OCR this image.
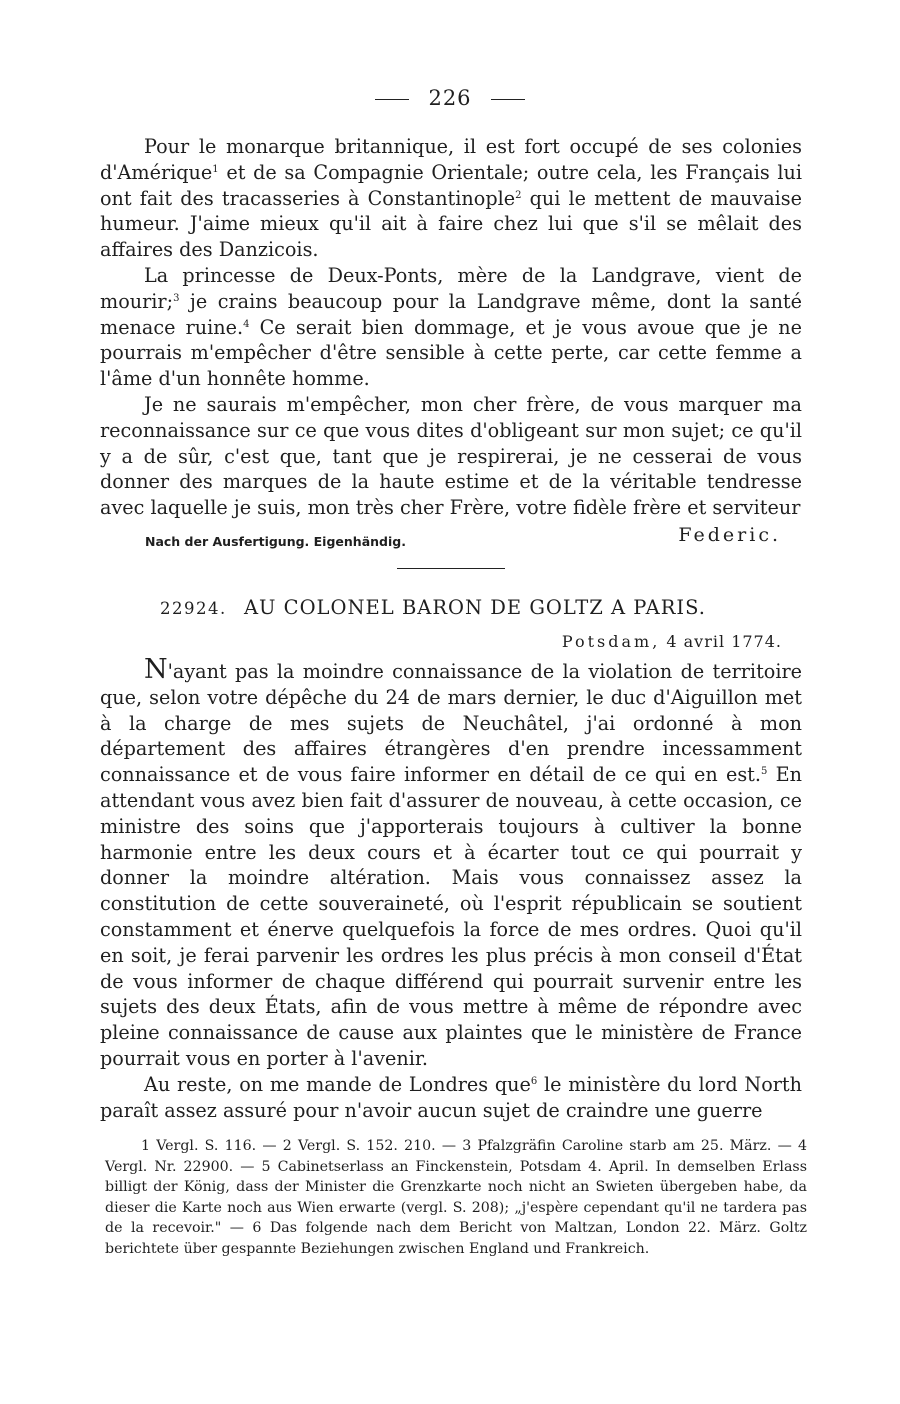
226

Pour le monarque britannique, il est fort occupé de ses colonies d'Amérique$^1$ et de sa Compagnie Orientale; outre cela, les Français lui ont fait des tracasseries à Constantinople$^2$ qui le mettent de mauvaise humeur. J'aime mieux qu'il ait à faire chez lui que s'il se mêlait des affaires des Danzicois.

La princesse de Deux-Ponts, mère de la Landgrave, vient de mourir;$^3$ je crains beaucoup pour la Landgrave même, dont la santé menace ruine.$^4$ Ce serait bien dommage, et je vous avoue que je ne pourrais m'empêcher d'être sensible à cette perte, car cette femme a l'âme d'un honnête homme.

Je ne saurais m'empêcher, mon cher frère, de vous marquer ma reconnaissance sur ce que vous dites d'obligeant sur mon sujet; ce qu'il y a de sûr, c'est que, tant que je respirerai, je ne cesserai de vous donner des marques de la haute estime et de la véritable tendresse avec laquelle je suis, mon très cher Frère, votre fidèle frère et serviteur

Nach der Ausfertigung. Eigenhändig.	Federic.
22924. AU COLONEL BARON DE GOLTZ A PARIS.
Potsdam, 4 avril 1774.

N'ayant pas la moindre connaissance de la violation de territoire que, selon votre dépêche du 24 de mars dernier, le duc d'Aiguillon met à la charge de mes sujets de Neuchâtel, j'ai ordonné à mon département des affaires étrangères d'en prendre incessamment connaissance et de vous faire informer en détail de ce qui en est.$^5$ En attendant vous avez bien fait d'assurer de nouveau, à cette occasion, ce ministre des soins que j'apporterais toujours à cultiver la bonne harmonie entre les deux cours et à écarter tout ce qui pourrait y donner la moindre altération. Mais vous connaissez assez la constitution de cette souveraineté, où l'esprit républicain se soutient constamment et énerve quelquefois la force de mes ordres. Quoi qu'il en soit, je ferai parvenir les ordres les plus précis à mon conseil d'État de vous informer de chaque différend qui pourrait survenir entre les sujets des deux États, afin de vous mettre à même de répondre avec pleine connaissance de cause aux plaintes que le ministère de France pourrait vous en porter à l'avenir.

Au reste, on me mande de Londres que$^6$ le ministère du lord North paraît assez assuré pour n'avoir aucun sujet de craindre une guerre

1 Vergl. S. 116. — 2 Vergl. S. 152. 210. — 3 Pfalzgräfin Caroline starb am 25. März. — 4 Vergl. Nr. 22900. — 5 Cabinetserlass an Finckenstein, Potsdam 4. April. In demselben Erlass billigt der König, dass der Minister die Grenzkarte noch nicht an Swieten übergeben habe, da dieser die Karte noch aus Wien erwarte (vergl. S. 208); „j'espère cependant qu'il ne tardera pas de la recevoir." — 6 Das folgende nach dem Bericht von Maltzan, London 22. März. Goltz berichtete über gespannte Beziehungen zwischen England und Frankreich.
